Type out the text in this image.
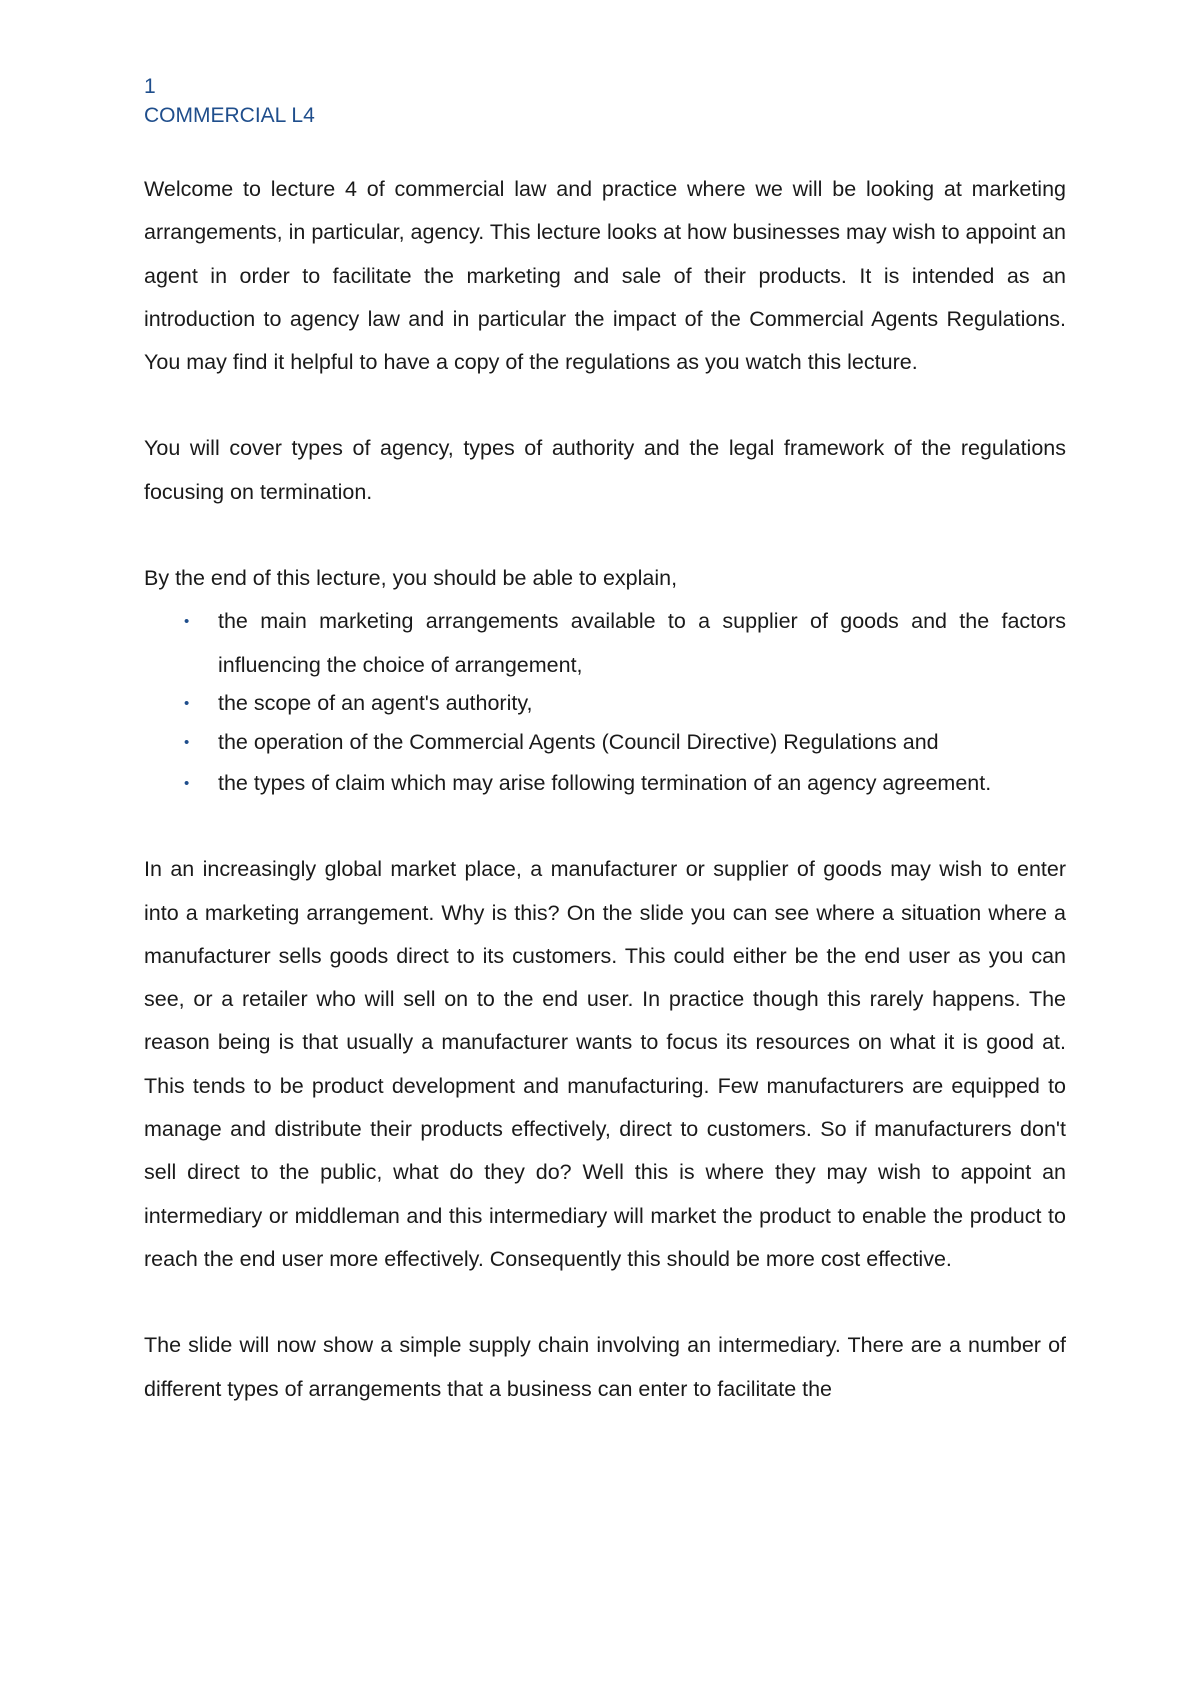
1
COMMERCIAL L4

Welcome to lecture 4 of commercial law and practice where we will be looking at marketing arrangements, in particular, agency. This lecture looks at how businesses may wish to appoint an agent in order to facilitate the marketing and sale of their products. It is intended as an introduction to agency law and in particular the impact of the Commercial Agents Regulations. You may find it helpful to have a copy of the regulations as you watch this lecture.

You will cover types of agency, types of authority and the legal framework of the regulations focusing on termination.

By the end of this lecture, you should be able to explain,

• the main marketing arrangements available to a supplier of goods and the factors influencing the choice of arrangement,
• the scope of an agent's authority,
• the operation of the Commercial Agents (Council Directive) Regulations and
• the types of claim which may arise following termination of an agency agreement.

In an increasingly global market place, a manufacturer or supplier of goods may wish to enter into a marketing arrangement. Why is this? On the slide you can see where a situation where a manufacturer sells goods direct to its customers. This could either be the end user as you can see, or a retailer who will sell on to the end user. In practice though this rarely happens. The reason being is that usually a manufacturer wants to focus its resources on what it is good at. This tends to be product development and manufacturing. Few manufacturers are equipped to manage and distribute their products effectively, direct to customers. So if manufacturers don't sell direct to the public, what do they do? Well this is where they may wish to appoint an intermediary or middleman and this intermediary will market the product to enable the product to reach the end user more effectively. Consequently this should be more cost effective.

The slide will now show a simple supply chain involving an intermediary. There are a number of different types of arrangements that a business can enter to facilitate the
